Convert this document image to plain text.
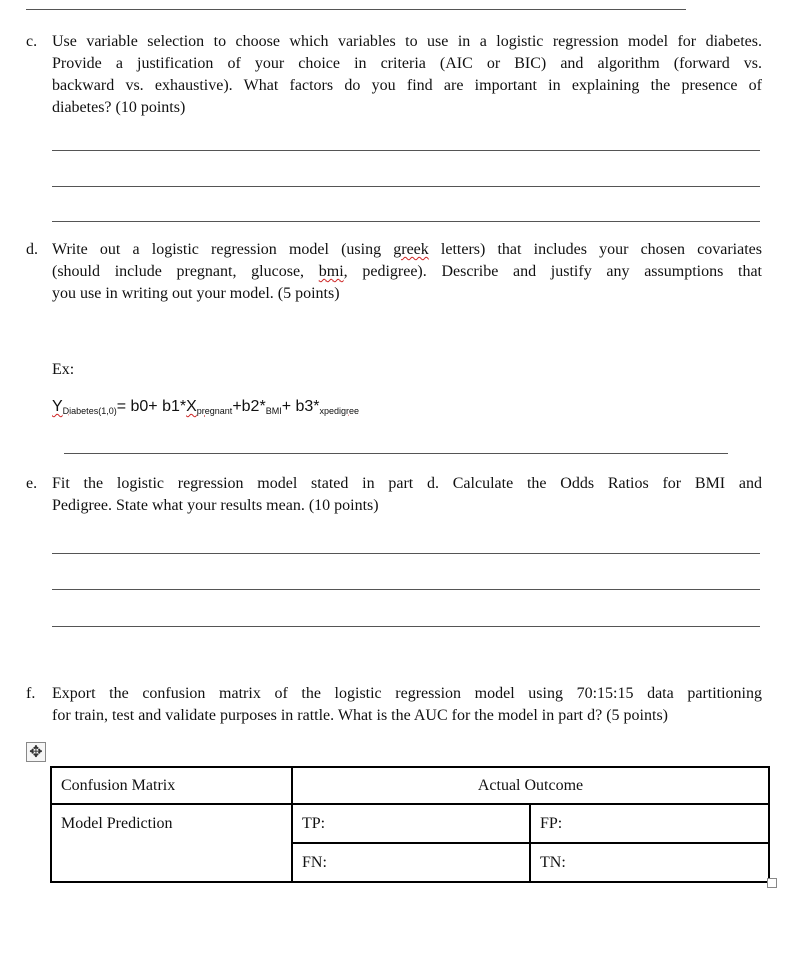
c. Use variable selection to choose which variables to use in a logistic regression model for diabetes.
Provide a justification of your choice in criteria (AIC or BIC) and algorithm (forward vs.
backward vs. exhaustive). What factors do you find are important in explaining the presence of
diabetes? (10 points)
d. Write out a logistic regression model (using greek letters) that includes your chosen covariates
(should include pregnant, glucose, bmi, pedigree). Describe and justify any assumptions that
you use in writing out your model. (5 points)
Ex:
$Y_{Diabetes(1,0)}= b0+ b1*X_{pregnant}+b2*_{BMI}+ b3*_{xpedigree}$
e. Fit the logistic regression model stated in part d. Calculate the Odds Ratios for BMI and
Pedigree. State what your results mean. (10 points)
f. Export the confusion matrix of the logistic regression model using 70:15:15 data partitioning
for train, test and validate purposes in rattle. What is the AUC for the model in part d? (5 points)
✥
Confusion Matrix	Actual Outcome	
Model Prediction	TP:	FP:
	FN:	TN:
